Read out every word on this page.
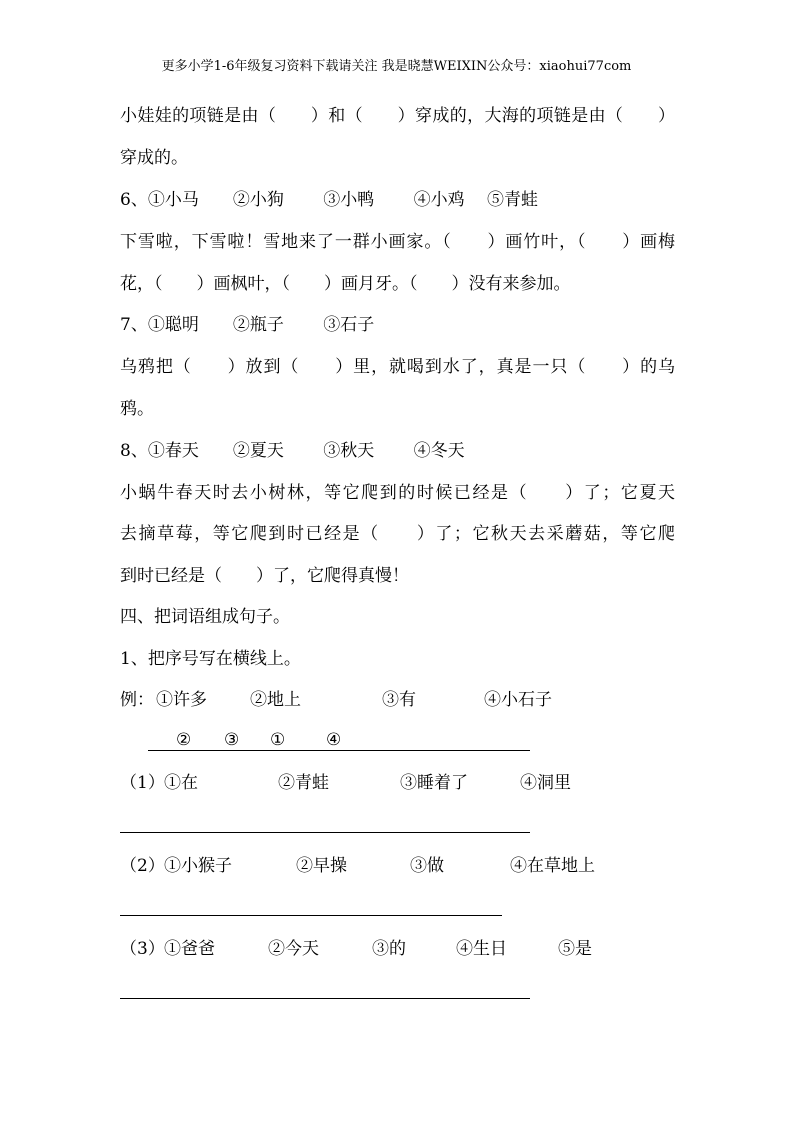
更多小学1-6年级复习资料下载请关注 我是晓慧WEIXIN公众号：xiaohui77com
小娃娃的项链是由（　　）和（　　）穿成的，大海的项链是由（　　）
穿成的。
6、①小马　　②小狗　　 ③小鸭　　 ④小鸡　 ⑤青蛙
下雪啦，下雪啦！雪地来了一群小画家。（　　）画竹叶，（　　）画梅
花，（　　）画枫叶，（　　）画月牙。（　　）没有来参加。
7、①聪明　　②瓶子　　 ③石子
乌鸦把（　　）放到（　　）里，就喝到水了，真是一只（　　）的乌
鸦。
8、①春天　　②夏天　　 ③秋天　　 ④冬天
小蜗牛春天时去小树林，等它爬到的时候已经是（　　）了；它夏天
去摘草莓，等它爬到时已经是（　　）了；它秋天去采蘑菇，等它爬
到时已经是（　　）了，它爬得真慢！
四、把词语组成句子。
1、把序号写在横线上。
例： ①许多	②地上	③有	④小石子
② ③ ① ④
（1） ①在	②青蛙	③睡着了	④洞里
（2） ①小猴子	②早操	③做	④在草地上
（3） ①爸爸	②今天	③的	④生日	⑤是
